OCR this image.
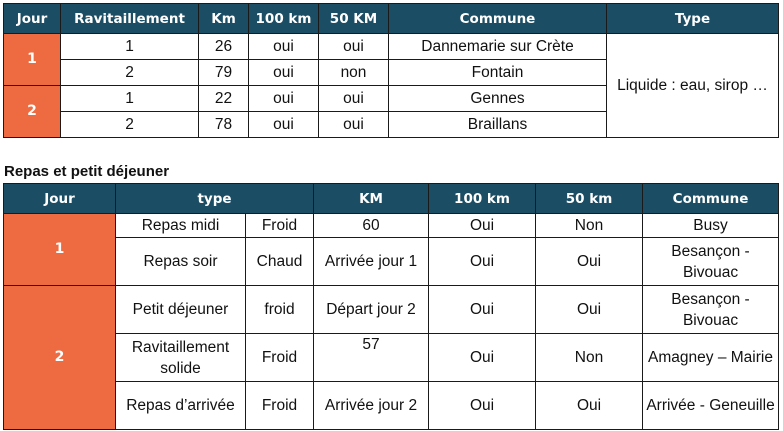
Jour	Ravitaillement	Km	100 km	50 KM	Commune	Type
1	1	26	oui	oui	Dannemarie sur Crète	Liquide : eau, sirop …
	2	79	oui	non	Fontain	
2	1	22	oui	oui	Gennes	
	2	78	oui	oui	Braillans	

Repas et petit déjeuner

Jour	type		KM	100 km	50 km	Commune
1	Repas midi	Froid	60	Oui	Non	Busy
	Repas soir	Chaud	Arrivée jour 1	Oui	Oui	Besançon - Bivouac
2	Petit déjeuner	froid	Départ jour 2	Oui	Oui	Besançon - Bivouac
	Ravitaillement solide	Froid	57	Oui	Non	Amagney – Mairie
	Repas d’arrivée	Froid	Arrivée jour 2	Oui	Oui	Arrivée - Geneuille
